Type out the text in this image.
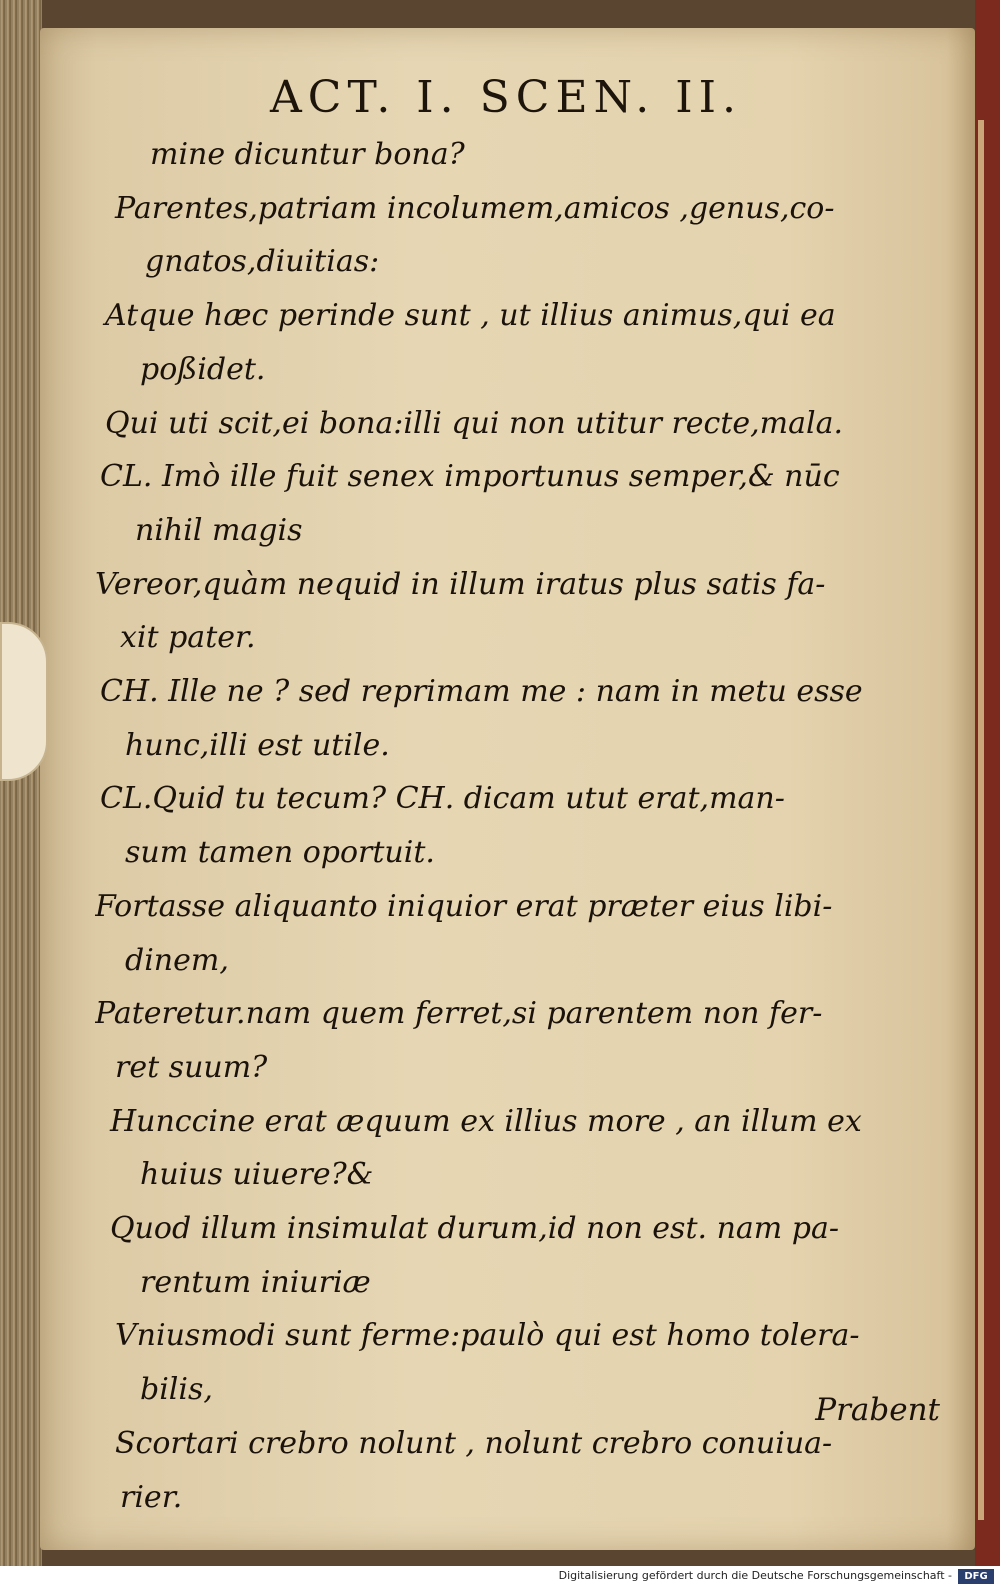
ACT. I. SCEN. II.
mine dicuntur bona?
Parentes,patriam incolumem,amicos ,genus,co-
gnatos,diuitias:
Atque hæc perinde sunt , ut illius animus,qui ea
poßidet.
Qui uti scit,ei bona:illi qui non utitur recte,mala.
CL. Imò ille fuit senex importunus semper,& nūc
nihil magis
Vereor,quàm nequid in illum iratus plus satis fa-
xit pater.
CH. Ille ne ? sed reprimam me : nam in metu esse
hunc,illi est utile.
CL.Quid tu tecum? CH. dicam utut erat,man-
sum tamen oportuit.
Fortasse aliquanto iniquior erat præter eius libi-
dinem,
Pateretur.nam quem ferret,si parentem non fer-
ret suum?
Hunccine erat æquum ex illius more , an illum ex
huius uiuere?&
Quod illum insimulat durum,id non est. nam pa-
rentum iniuriæ
Vniusmodi sunt ferme:paulò qui est homo tolera-
bilis,
Scortari crebro nolunt , nolunt crebro conuiua-
rier.
Prabent
Digitalisierung gefördert durch die Deutsche Forschungsgemeinschaft -	DFG
